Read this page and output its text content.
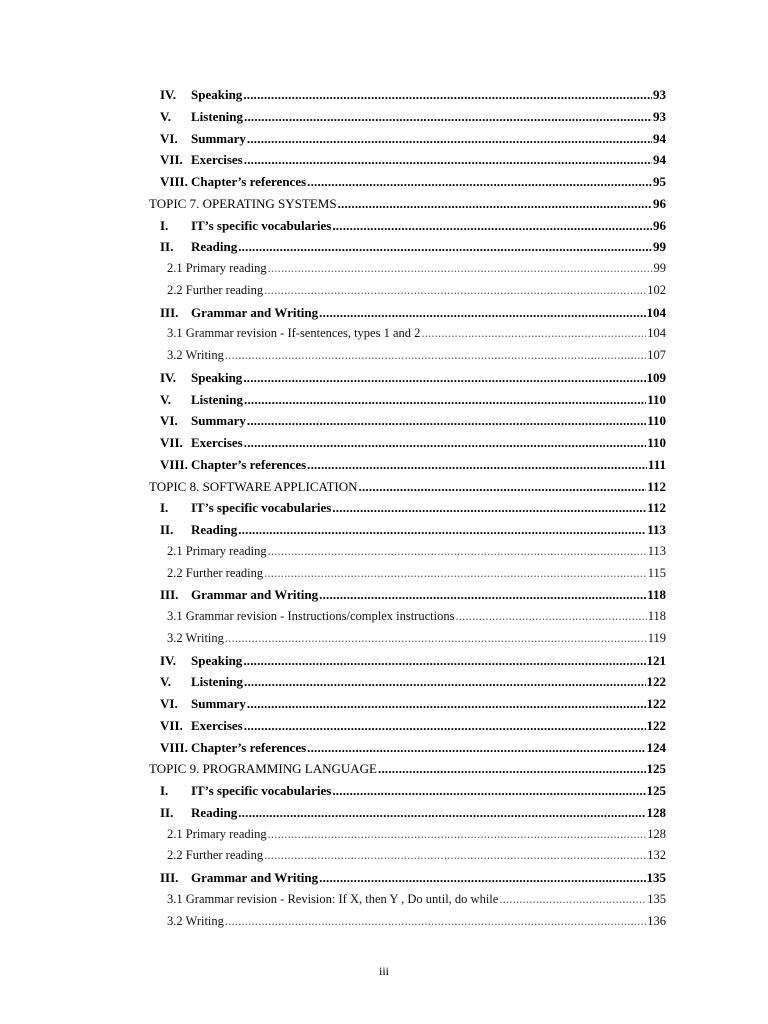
IV.	Speaking .....	93
V.	Listening .....	93
VI.	Summary .....	94
VII. Exercises .....	94
VIII. Chapter’s references .....	95
TOPIC 7. OPERATING SYSTEMS .....	96
I.	IT’s specific vocabularies .....	96
II.	Reading .....	99
2.1 Primary reading .....	99
2.2 Further reading .....	102
III. Grammar and Writing .....	104
3.1 Grammar revision - If-sentences, types 1 and 2 .....	104
3.2 Writing .....	107
IV.	Speaking .....	109
V.	Listening .....	110
VI.	Summary .....	110
VII. Exercises .....	110
VIII. Chapter’s references .....	111
TOPIC 8. SOFTWARE APPLICATION .....	112
I.	IT’s specific vocabularies .....	112
II.	Reading .....	113
2.1 Primary reading .....	113
2.2 Further reading .....	115
III. Grammar and Writing .....	118
3.1 Grammar revision - Instructions/complex instructions .....	118
3.2 Writing .....	119
IV.	Speaking .....	121
V.	Listening .....	122
VI.	Summary .....	122
VII. Exercises .....	122
VIII. Chapter’s references .....	124
TOPIC 9. PROGRAMMING LANGUAGE .....	125
I.	IT’s specific vocabularies .....	125
II.	Reading .....	128
2.1 Primary reading .....	128
2.2 Further reading .....	132
III. Grammar and Writing .....	135
3.1 Grammar revision - Revision: If X, then Y , Do until, do while .....	135
3.2 Writing .....	136
iii
